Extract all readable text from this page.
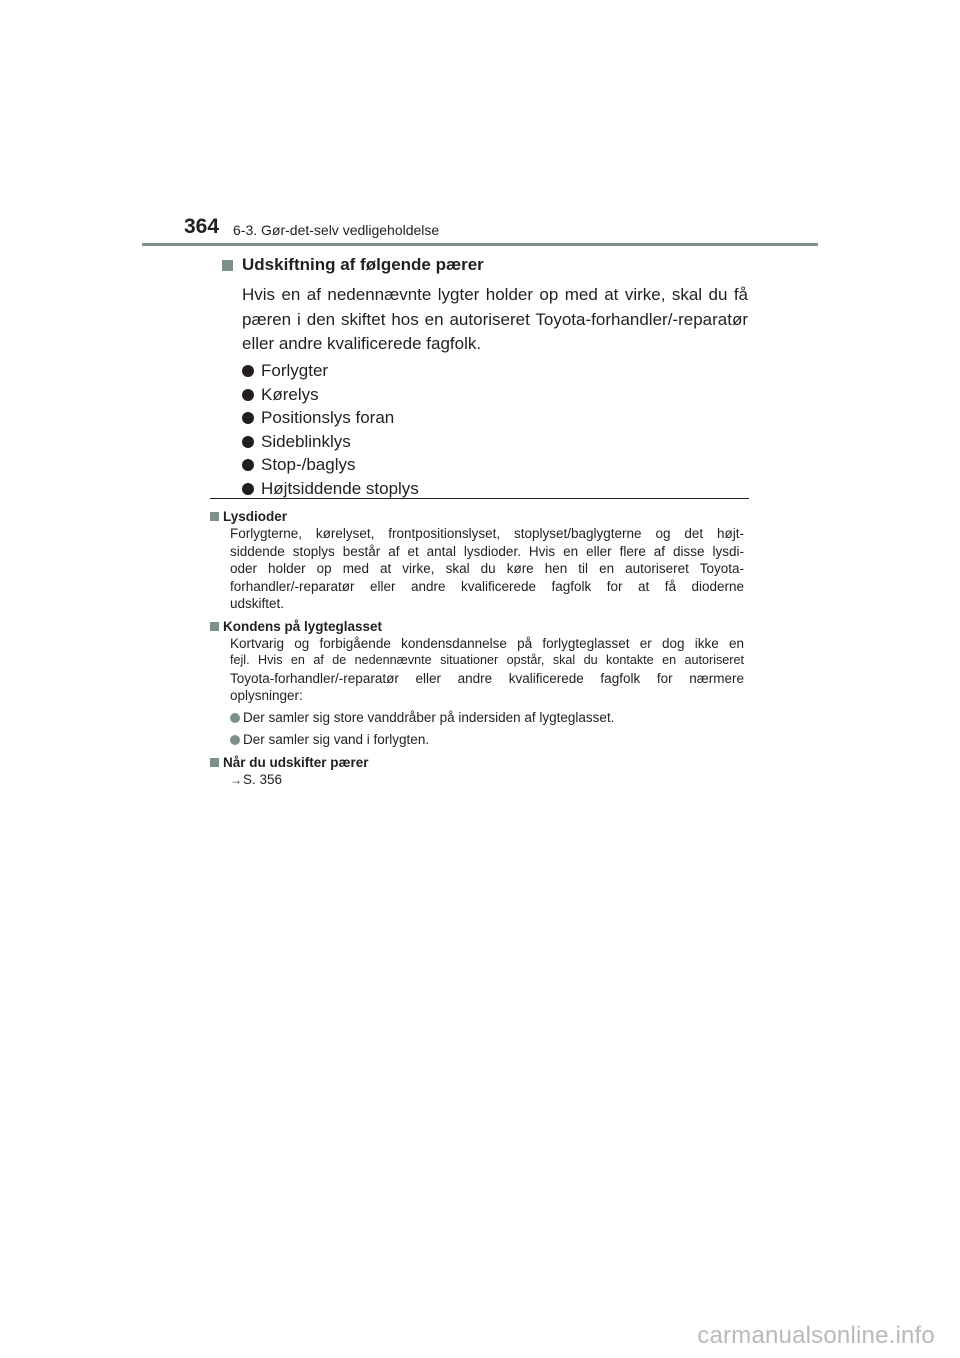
364 6-3. Gør-det-selv vedligeholdelse
Udskiftning af følgende pærer

Hvis en af nedennævnte lygter holder op med at virke, skal du få
pæren i den skiftet hos en autoriseret Toyota-forhandler/-reparatør
eller andre kvalificerede fagfolk.

Forlygter
Kørelys
Positionslys foran
Sideblinklys
Stop-/baglys
Højtsiddende stoplys
Lysdioder

Forlygterne, kørelyset, frontpositionslyset, stoplyset/baglygterne og det højt-
siddende stoplys består af et antal lysdioder. Hvis en eller flere af disse lysdi-
oder holder op med at virke, skal du køre hen til en autoriseret Toyota-
forhandler/-reparatør eller andre kvalificerede fagfolk for at få dioderne
udskiftet.

Kondens på lygteglasset

Kortvarig og forbigående kondensdannelse på forlygteglasset er dog ikke en
fejl. Hvis en af de nedennævnte situationer opstår, skal du kontakte en autoriseret
Toyota-forhandler/-reparatør eller andre kvalificerede fagfolk for nærmere
oplysninger:

Der samler sig store vanddråber på indersiden af lygteglasset.
Der samler sig vand i forlygten.
Når du udskifter pærer
→S. 356
carmanualsonline.info
